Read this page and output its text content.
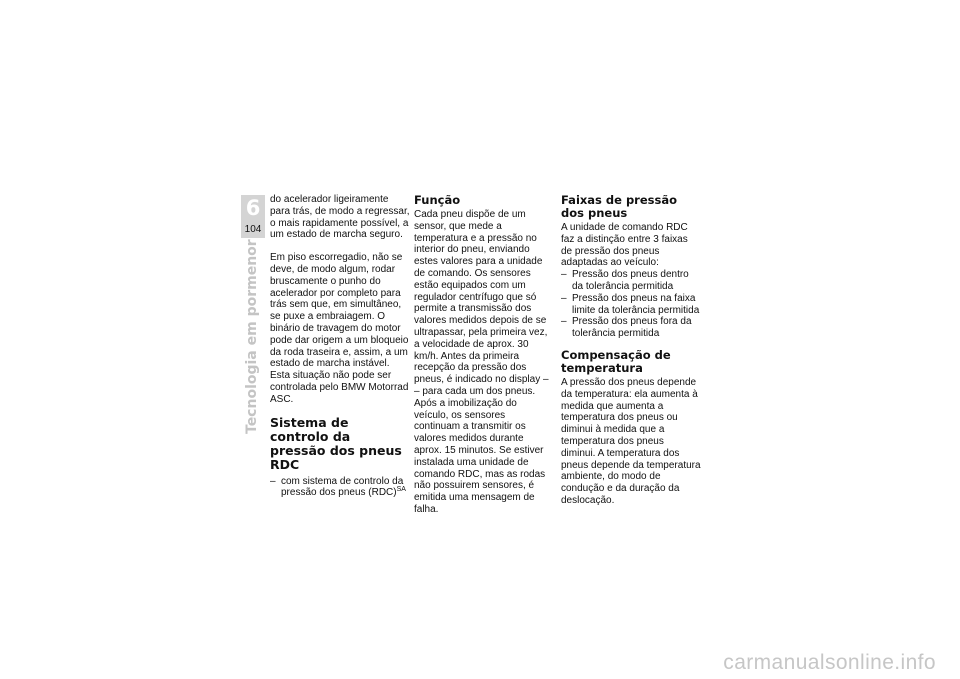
6
104
Tecnologia em pormenor

do acelerador ligeiramente para trás, de modo a regressar, o mais rapidamente possível, a um estado de marcha seguro.

Em piso escorregadio, não se deve, de modo algum, rodar bruscamente o punho do acelerador por completo para trás sem que, em simultâneo, se puxe a embraiagem. O binário de travagem do motor pode dar origem a um bloqueio da roda traseira e, assim, a um estado de marcha instável. Esta situação não pode ser controlada pelo BMW Motorrad ASC.

Sistema de controlo da pressão dos pneus RDC
– com sistema de controlo da pressão dos pneus (RDC)$^{SA}$
Função

Cada pneu dispõe de um sensor, que mede a temperatura e a pressão no interior do pneu, enviando estes valores para a unidade de comando. Os sensores estão equipados com um regulador centrífugo que só permite a transmissão dos valores medidos depois de se ultrapassar, pela primeira vez, a velocidade de aprox. 30 km/h. Antes da primeira recepção da pressão dos pneus, é indicado no display – – para cada um dos pneus. Após a imobilização do veículo, os sensores continuam a transmitir os valores medidos durante aprox. 15 minutos. Se estiver instalada uma unidade de comando RDC, mas as rodas não possuirem sensores, é emitida uma mensagem de falha.

Faixas de pressão dos pneus

A unidade de comando RDC faz a distinção entre 3 faixas de pressão dos pneus adaptadas ao veículo:

– Pressão dos pneus dentro da tolerância permitida
– Pressão dos pneus na faixa limite da tolerância permitida
– Pressão dos pneus fora da tolerância permitida
Compensação de temperatura

A pressão dos pneus depende da temperatura: ela aumenta à medida que aumenta a temperatura dos pneus ou diminui à medida que a temperatura dos pneus diminui. A temperatura dos pneus depende da temperatura ambiente, do modo de condução e da duração da deslocação.

carmanualsonline.info
